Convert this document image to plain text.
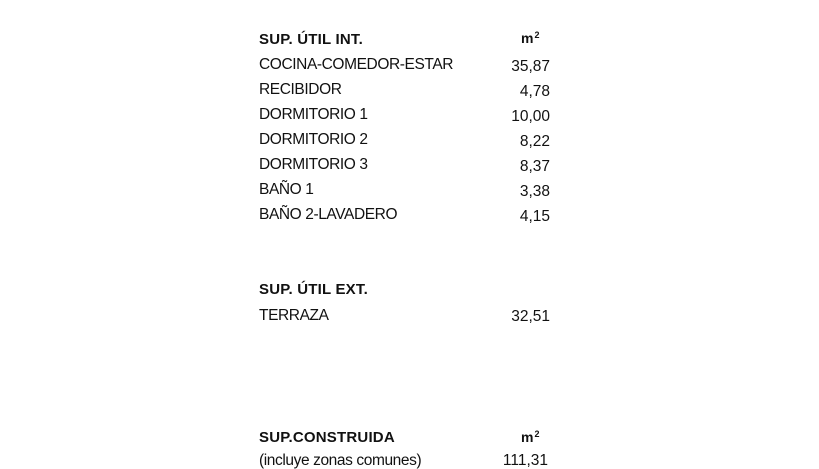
SUP. ÚTIL INT.	$m^2$
COCINA-COMEDOR-ESTAR	35,87
RECIBIDOR	4,78
DORMITORIO 1	10,00
DORMITORIO 2	8,22
DORMITORIO 3	8,37
BAÑO 1	3,38
BAÑO 2-LAVADERO	4,15
SUP. ÚTIL EXT.
TERRAZA	32,51
SUP.CONSTRUIDA	$m^2$
(incluye zonas comunes)	111,31
